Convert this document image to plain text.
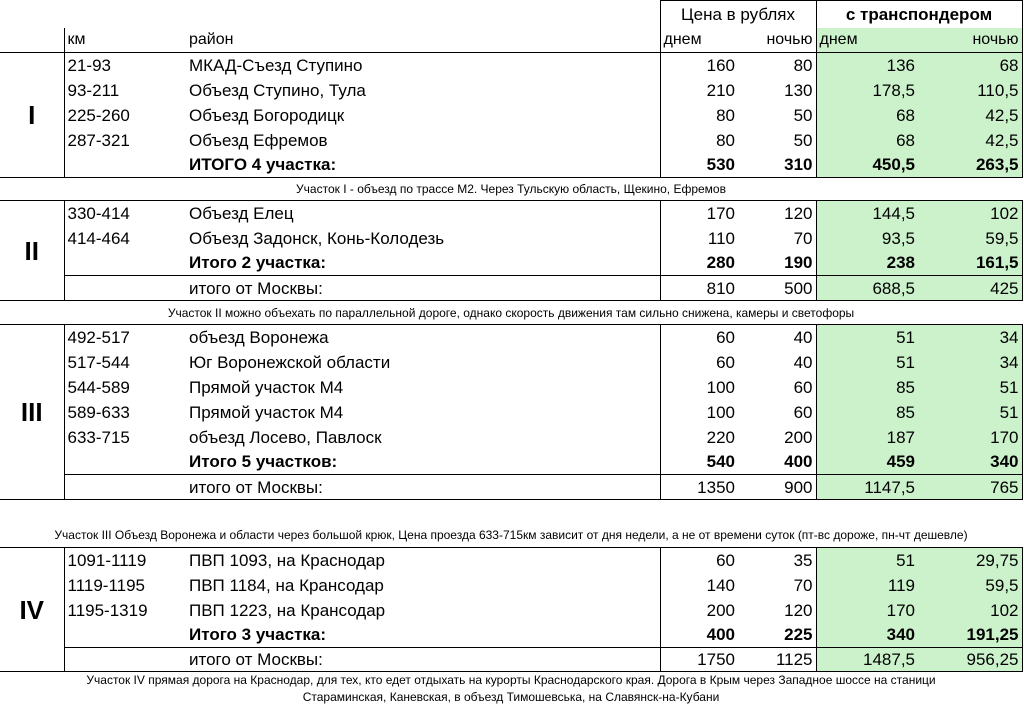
			Цена в рублях		с транспондером	
	км	район	днем	ночью	днем	ночью
I	21-93	МКАД-Съезд Ступино	160	80	136	68
	93-211	Объезд Ступино, Тула	210	130	178,5	110,5
	225-260	Объезд Богородицк	80	50	68	42,5
	287-321	Объезд Ефремов	80	50	68	42,5
		ИТОГО 4 участка:	530	310	450,5	263,5
Участок I - объезд по трассе М2. Через Тульскую область, Щекино, Ефремов						
II	330-414	Объезд Елец	170	120	144,5	102
	414-464	Объезд Задонск, Конь-Колодезь	110	70	93,5	59,5
		Итого 2 участка:	280	190	238	161,5
		итого от Москвы:	810	500	688,5	425
Участок II можно объехать по параллельной дороге, однако скорость движения там сильно снижена, камеры и светофоры						
III	492-517	объезд Воронежа	60	40	51	34
	517-544	Юг Воронежской области	60	40	51	34
	544-589	Прямой участок М4	100	60	85	51
	589-633	Прямой участок М4	100	60	85	51
	633-715	объезд Лосево, Павлоск	220	200	187	170
		Итого 5 участков:	540	400	459	340
		итого от Москвы:	1350	900	1147,5	765
Участок III Объезд Воронежа и области через большой крюк, Цена проезда 633-715км зависит от дня недели, а не от времени суток (пт-вс дороже, пн-чт дешевле)						
IV	1091-1119	ПВП 1093, на Краснодар	60	35	51	29,75
	1119-1195	ПВП 1184, на Крансодар	140	70	119	59,5
	1195-1319	ПВП 1223, на Крансодар	200	120	170	102
		Итого 3 участка:	400	225	340	191,25
		итого от Москвы:	1750	1125	1487,5	956,25
Участок IV прямая дорога на Краснодар, для тех, кто едет отдыхать на курорты Краснодарского края. Дорога в Крым через Западное шоссе на станици						
Стараминская, Каневская, в объезд Тимошевська, на Славянск-на-Кубани						
